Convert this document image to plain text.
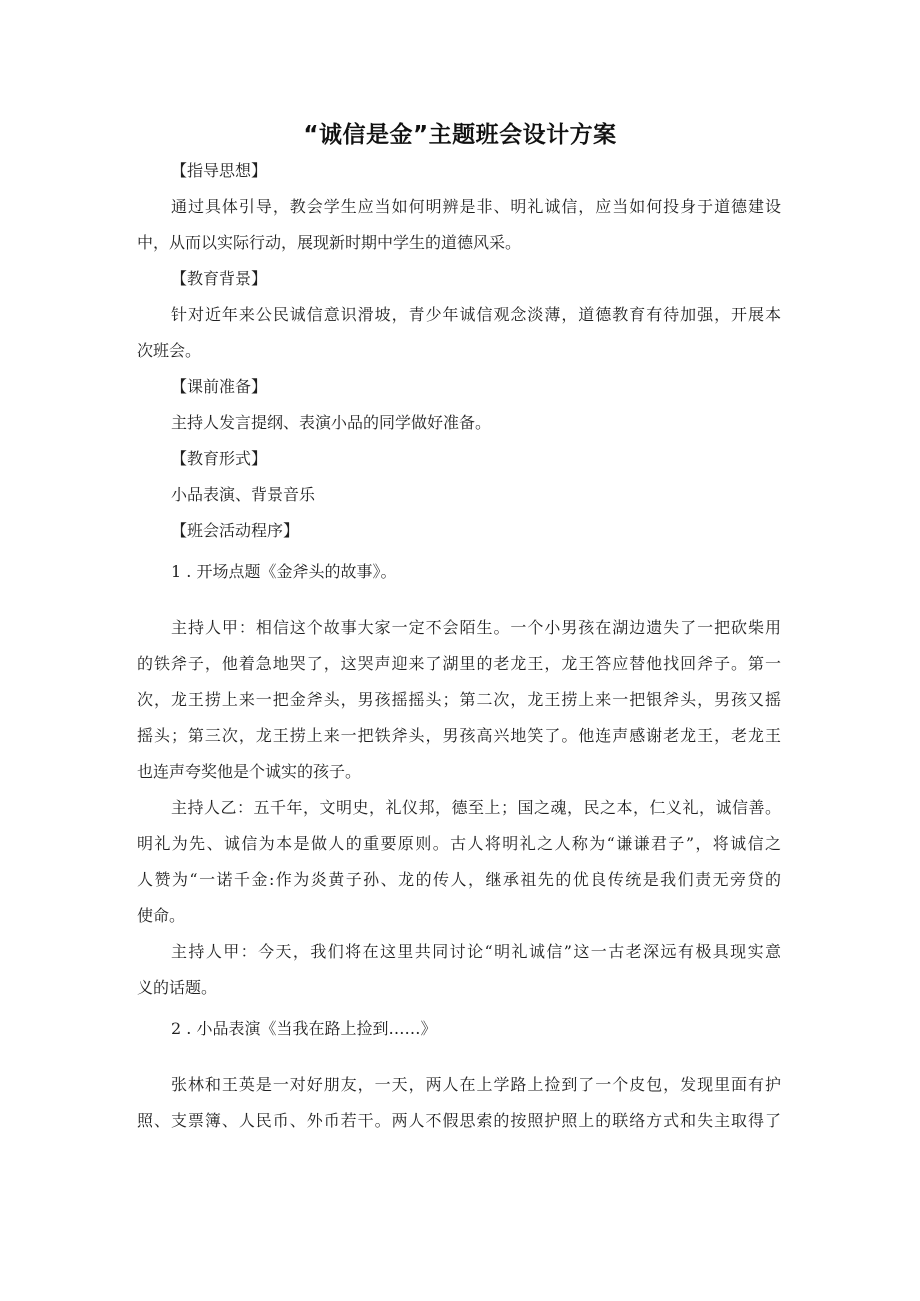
“诚信是金”主题班会设计方案
【指导思想】
通过具体引导，教会学生应当如何明辨是非、明礼诚信，应当如何投身于道德建设
中，从而以实际行动，展现新时期中学生的道德风采。
【教育背景】
针对近年来公民诚信意识滑坡，青少年诚信观念淡薄，道德教育有待加强，开展本
次班会。
【课前准备】
主持人发言提纲、表演小品的同学做好准备。
【教育形式】
小品表演、背景音乐
【班会活动程序】
1 . 开场点题《金斧头的故事》。
主持人甲：相信这个故事大家一定不会陌生。一个小男孩在湖边遗失了一把砍柴用
的铁斧子，他着急地哭了，这哭声迎来了湖里的老龙王，龙王答应替他找回斧子。第一
次，龙王捞上来一把金斧头，男孩摇摇头；第二次，龙王捞上来一把银斧头，男孩又摇
摇头；第三次，龙王捞上来一把铁斧头，男孩高兴地笑了。他连声感谢老龙王，老龙王
也连声夸奖他是个诚实的孩子。
主持人乙：五千年，文明史，礼仪邦，德至上；国之魂，民之本，仁义礼，诚信善。
明礼为先、诚信为本是做人的重要原则。古人将明礼之人称为“谦谦君子”，将诚信之
人赞为“一诺千金:作为炎黄子孙、龙的传人，继承祖先的优良传统是我们责无旁贷的
使命。
主持人甲：今天，我们将在这里共同讨论“明礼诚信”这一古老深远有极具现实意
义的话题。
2 . 小品表演《当我在路上捡到……》
张林和王英是一对好朋友，一天，两人在上学路上捡到了一个皮包，发现里面有护
照、支票簿、人民币、外币若干。两人不假思索的按照护照上的联络方式和失主取得了
